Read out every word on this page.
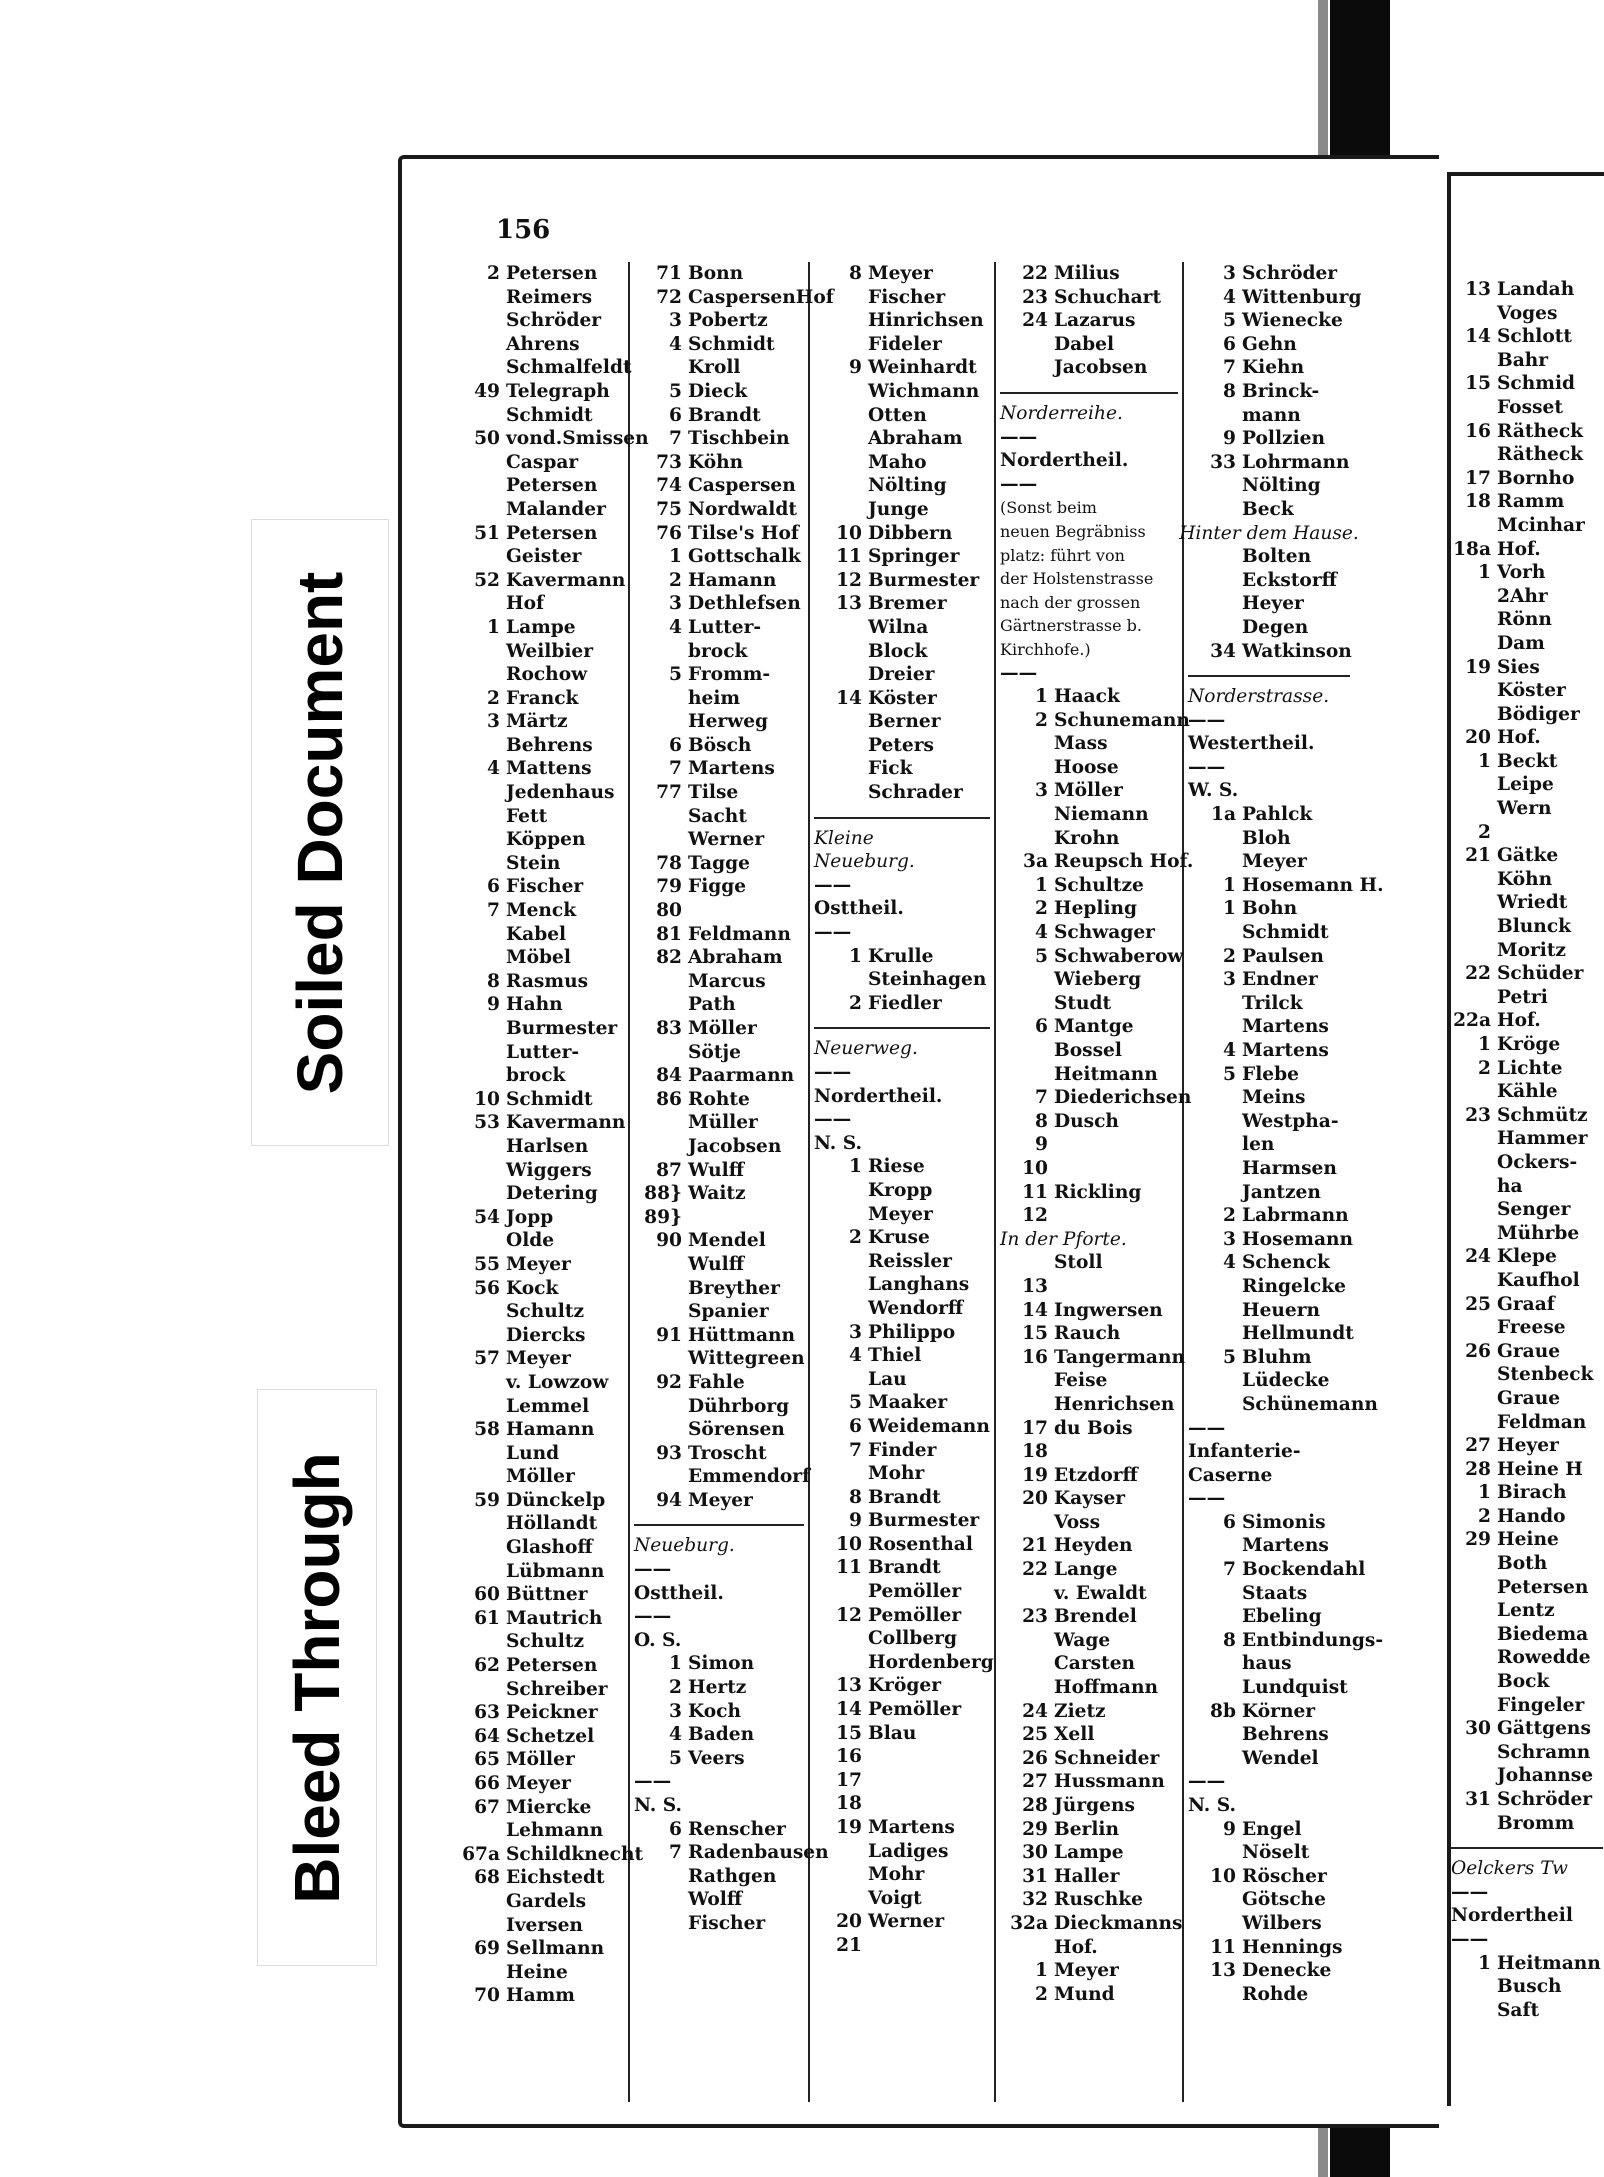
Soiled Document
Bleed Through
156
2 Petersen
Reimers
Schröder
Ahrens
Schmalfeldt
49 Telegraph
Schmidt
50 vond.Smissen
Caspar
Petersen
Malander
51 Petersen
Geister
52 Kavermann
Hof
1 Lampe
Weilbier
Rochow
2 Franck
3 Märtz
Behrens
4 Mattens
Jedenhaus
Fett
Köppen
Stein
6 Fischer
7 Menck
Kabel
Möbel
8 Rasmus
9 Hahn
Burmester
Lutter-
brock
10 Schmidt
53 Kavermann
Harlsen
Wiggers
Detering
54 Jopp
Olde
55 Meyer
56 Kock
Schultz
Diercks
57 Meyer
v. Lowzow
Lemmel
58 Hamann
Lund
Möller
59 Dünckelp
Höllandt
Glashoff
Lübmann
60 Büttner
61 Mautrich
Schultz
62 Petersen
Schreiber
63 Peickner
64 Schetzel
65 Möller
66 Meyer
67 Miercke
Lehmann
67a Schildknecht
68 Eichstedt
Gardels
Iversen
69 Sellmann
Heine
70 Hamm
71 Bonn
72 CaspersenHof
3 Pobertz
4 Schmidt
Kroll
5 Dieck
6 Brandt
7 Tischbein
73 Köhn
74 Caspersen
75 Nordwaldt
76 Tilse's Hof
1 Gottschalk
2 Hamann
3 Dethlefsen
4 Lutter-
brock
5 Fromm-
heim
Herweg
6 Bösch
7 Martens
77 Tilse
Sacht
Werner
78 Tagge
79 Figge
80
81 Feldmann
82 Abraham
Marcus
Path
83 Möller
Sötje
84 Paarmann
86 Rohte
Müller
Jacobsen
87 Wulff
88} Waitz
89}
90 Mendel
Wulff
Breyther
Spanier
91 Hüttmann
Wittegreen
92 Fahle
Dührborg
Sörensen
93 Troscht
Emmendorf
94 Meyer
Neueburg.
——
Osttheil.
——
O. S.
1 Simon
2 Hertz
3 Koch
4 Baden
5 Veers
——
N. S.
6 Renscher
7 Radenbausen
Rathgen
Wolff
Fischer
8 Meyer
Fischer
Hinrichsen
Fideler
9 Weinhardt
Wichmann
Otten
Abraham
Maho
Nölting
Junge
10 Dibbern
11 Springer
12 Burmester
13 Bremer
Wilna
Block
Dreier
14 Köster
Berner
Peters
Fick
Schrader
Kleine
Neueburg.
——
Osttheil.
——
1 Krulle
Steinhagen
2 Fiedler
Neuerweg.
——
Nordertheil.
——
N. S.
1 Riese
Kropp
Meyer
2 Kruse
Reissler
Langhans
Wendorff
3 Philippo
4 Thiel
Lau
5 Maaker
6 Weidemann
7 Finder
Mohr
8 Brandt
9 Burmester
10 Rosenthal
11 Brandt
Pemöller
12 Pemöller
Collberg
Hordenberg
13 Kröger
14 Pemöller
15 Blau
16
17
18
19 Martens
Ladiges
Mohr
Voigt
20 Werner
21
22 Milius
23 Schuchart
24 Lazarus
Dabel
Jacobsen
Norderreihe.
——
Nordertheil.
——
(Sonst beim
neuen Begräbniss
platz: führt von
der Holstenstrasse
nach der grossen
Gärtnerstrasse b.
Kirchhofe.)
——
1 Haack
2 Schunemann
Mass
Hoose
3 Möller
Niemann
Krohn
3a Reupsch Hof.
1 Schultze
2 Hepling
4 Schwager
5 Schwaberow
Wieberg
Studt
6 Mantge
Bossel
Heitmann
7 Diederichsen
8 Dusch
9
10
11 Rickling
12
In der Pforte.
Stoll
13
14 Ingwersen
15 Rauch
16 Tangermann
Feise
Henrichsen
17 du Bois
18
19 Etzdorff
20 Kayser
Voss
21 Heyden
22 Lange
v. Ewaldt
23 Brendel
Wage
Carsten
Hoffmann
24 Zietz
25 Xell
26 Schneider
27 Hussmann
28 Jürgens
29 Berlin
30 Lampe
31 Haller
32 Ruschke
32a Dieckmanns
Hof.
1 Meyer
2 Mund
3 Schröder
4 Wittenburg
5 Wienecke
6 Gehn
7 Kiehn
8 Brinck-
mann
9 Pollzien
33 Lohrmann
Nölting
Beck
Hinter dem Hause.
Bolten
Eckstorff
Heyer
Degen
34 Watkinson
Norderstrasse.
——
Westertheil.
——
W. S.
1a Pahlck
Bloh
Meyer
1 Hosemann H.
1 Bohn
Schmidt
2 Paulsen
3 Endner
Trilck
Martens
4 Martens
5 Flebe
Meins
Westpha-
len
Harmsen
Jantzen
2 Labrmann
3 Hosemann
4 Schenck
Ringelcke
Heuern
Hellmundt
5 Bluhm
Lüdecke
Schünemann
——
Infanterie-
Caserne
——
6 Simonis
Martens
7 Bockendahl
Staats
Ebeling
8 Entbindungs-
haus
Lundquist
8b Körner
Behrens
Wendel
——
N. S.
9 Engel
Nöselt
10 Röscher
Götsche
Wilbers
11 Hennings
13 Denecke
Rohde
13 Landah
Voges
14 Schlott
Bahr
15 Schmid
Fosset
16 Rätheck
Rätheck
17 Bornho
18 Ramm
Mcinhar
18a Hof.
1 Vorh
2Ahr
Rönn
Dam
19 Sies
Köster
Bödiger
20 Hof.
1 Beckt
Leipe
Wern
2
21 Gätke
Köhn
Wriedt
Blunck
Moritz
22 Schüder
Petri
22a Hof.
1 Kröge
2 Lichte
Kähle
23 Schmütz
Hammer
Ockers-
ha
Senger
Mührbe
24 Klepe
Kaufhol
25 Graaf
Freese
26 Graue
Stenbeck
Graue
Feldman
27 Heyer
28 Heine H
1 Birach
2 Hando
29 Heine
Both
Petersen
Lentz
Biedema
Rowedde
Bock
Fingeler
30 Gättgens
Schramn
Johannse
31 Schröder
Bromm
Oelckers Tw
——
Nordertheil
——
1 Heitmann
Busch
Saft
